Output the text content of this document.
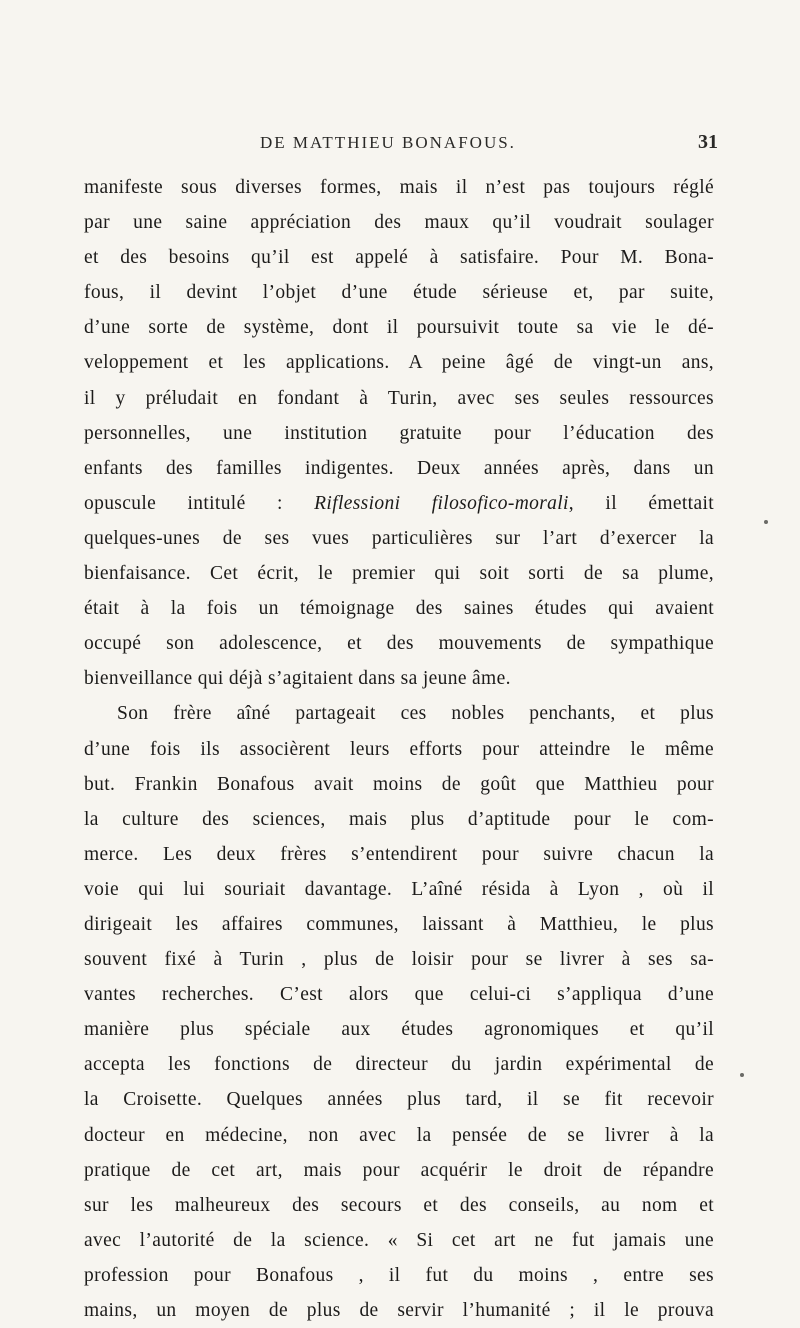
DE MATTHIEU BONAFOUS.	31
manifeste sous diverses formes, mais il n’est pas toujours réglé
par une saine appréciation des maux qu’il voudrait soulager
et des besoins qu’il est appelé à satisfaire. Pour M. Bona-
fous, il devint l’objet d’une étude sérieuse et, par suite,
d’une sorte de système, dont il poursuivit toute sa vie le dé-
veloppement et les applications. A peine âgé de vingt-un ans,
il y préludait en fondant à Turin, avec ses seules ressources
personnelles, une institution gratuite pour l’éducation des
enfants des familles indigentes. Deux années après, dans un
opuscule intitulé : Riflessioni filosofico-morali, il émettait
quelques-unes de ses vues particulières sur l’art d’exercer la
bienfaisance. Cet écrit, le premier qui soit sorti de sa plume,
était à la fois un témoignage des saines études qui avaient
occupé son adolescence, et des mouvements de sympathique
bienveillance qui déjà s’agitaient dans sa jeune âme.
Son frère aîné partageait ces nobles penchants, et plus
d’une fois ils associèrent leurs efforts pour atteindre le même
but. Frankin Bonafous avait moins de goût que Matthieu pour
la culture des sciences, mais plus d’aptitude pour le com-
merce. Les deux frères s’entendirent pour suivre chacun la
voie qui lui souriait davantage. L’aîné résida à Lyon , où il
dirigeait les affaires communes, laissant à Matthieu, le plus
souvent fixé à Turin , plus de loisir pour se livrer à ses sa-
vantes recherches. C’est alors que celui-ci s’appliqua d’une
manière plus spéciale aux études agronomiques et qu’il
accepta les fonctions de directeur du jardin expérimental de
la Croisette. Quelques années plus tard, il se fit recevoir
docteur en médecine, non avec la pensée de se livrer à la
pratique de cet art, mais pour acquérir le droit de répandre
sur les malheureux des secours et des conseils, au nom et
avec l’autorité de la science. « Si cet art ne fut jamais une
profession pour Bonafous , il fut du moins , entre ses
mains, un moyen de plus de servir l’humanité ; il le prouva
